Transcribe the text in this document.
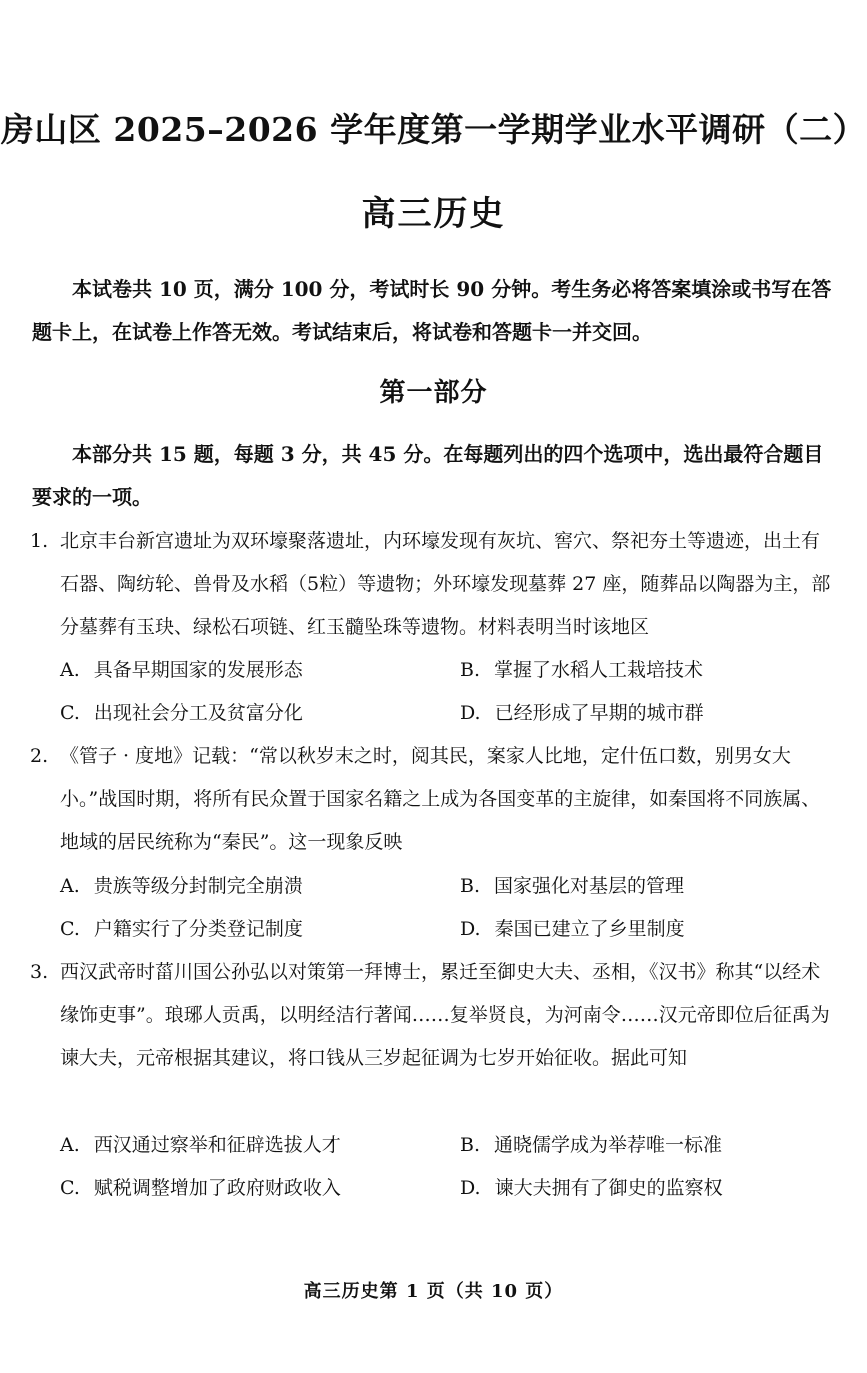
房山区 2025–2026 学年度第一学期学业水平调研（二）
高三历史
本试卷共 10 页，满分 100 分，考试时长 90 分钟。考生务必将答案填涂或书写在答题卡上，在试卷上作答无效。考试结束后，将试卷和答题卡一并交回。
第一部分
本部分共 15 题，每题 3 分，共 45 分。在每题列出的四个选项中，选出最符合题目要求的一项。
1. 北京丰台新宫遗址为双环壕聚落遗址，内环壕发现有灰坑、窖穴、祭祀夯土等遗迹，出土有石器、陶纺轮、兽骨及水稻（5粒）等遗物；外环壕发现墓葬 27 座，随葬品以陶器为主，部分墓葬有玉玦、绿松石项链、红玉髓坠珠等遗物。材料表明当时该地区
A. 具备早期国家的发展形态	B. 掌握了水稻人工栽培技术
C. 出现社会分工及贫富分化	D. 已经形成了早期的城市群
2. 《管子 · 度地》记载：“常以秋岁末之时，阅其民，案家人比地，定什伍口数，别男女大小。”战国时期，将所有民众置于国家名籍之上成为各国变革的主旋律，如秦国将不同族属、地域的居民统称为“秦民”。这一现象反映
A. 贵族等级分封制完全崩溃	B. 国家强化对基层的管理
C. 户籍实行了分类登记制度	D. 秦国已建立了乡里制度
3. 西汉武帝时菑川国公孙弘以对策第一拜博士，累迁至御史大夫、丞相，《汉书》称其“以经术缘饰吏事”。琅琊人贡禹，以明经洁行著闻……复举贤良，为河南令……汉元帝即位后征禹为谏大夫，元帝根据其建议，将口钱从三岁起征调为七岁开始征收。据此可知
A. 西汉通过察举和征辟选拔人才	B. 通晓儒学成为举荐唯一标准
C. 赋税调整增加了政府财政收入	D. 谏大夫拥有了御史的监察权
高三历史第 1 页（共 10 页）
